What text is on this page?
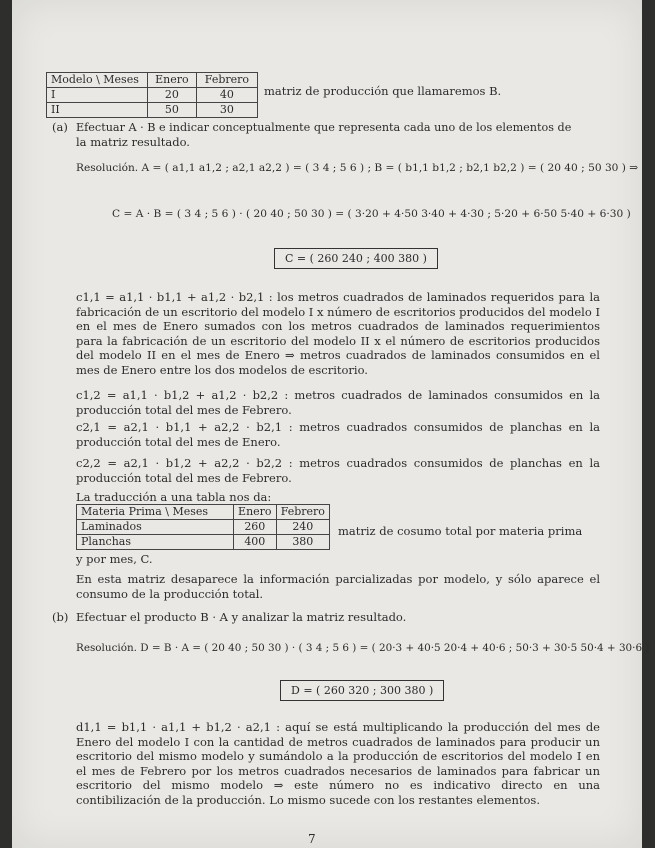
Modelo \ Meses	Enero	Febrero
I	20	40
II	50	30
matriz de producción que llamaremos B.
(a) Efectuar A · B e indicar conceptualmente que representa cada uno de los elementos de
la matriz resultado.
Resolución. A = ( a1,1 a1,2 ; a2,1 a2,2 ) = ( 3 4 ; 5 6 ) ; B = ( b1,1 b1,2 ; b2,1 b2,2 ) = ( 20 40 ; 50 30 ) ⇒
C = A · B = ( 3 4 ; 5 6 ) · ( 20 40 ; 50 30 ) = ( 3·20 + 4·50 3·40 + 4·30 ; 5·20 + 6·50 5·40 + 6·30 )
C = ( 260 240 ; 400 380 )
c1,1 = a1,1 · b1,1 + a1,2 · b2,1 : los metros cuadrados de laminados requeridos para la fabricación de un escritorio del modelo I x número de escritorios producidos del modelo I en el mes de Enero sumados con los metros cuadrados de laminados requerimientos para la fabricación de un escritorio del modelo II x el número de escritorios producidos del modelo II en el mes de Enero ⇒ metros cuadrados de laminados consumidos en el mes de Enero entre los dos modelos de escritorio.
c1,2 = a1,1 · b1,2 + a1,2 · b2,2 : metros cuadrados de laminados consumidos en la producción total del mes de Febrero.
c2,1 = a2,1 · b1,1 + a2,2 · b2,1 : metros cuadrados consumidos de planchas en la producción total del mes de Enero.
c2,2 = a2,1 · b1,2 + a2,2 · b2,2 : metros cuadrados consumidos de planchas en la producción total del mes de Febrero.
La traducción a una tabla nos da:
Materia Prima \ Meses	Enero	Febrero
Laminados	260	240
Planchas	400	380
matriz de cosumo total por materia prima
y por mes, C.
En esta matriz desaparece la información parcializadas por modelo, y sólo aparece el consumo de la producción total.
(b) Efectuar el producto B · A y analizar la matriz resultado.
Resolución. D = B · A = ( 20 40 ; 50 30 ) · ( 3 4 ; 5 6 ) = ( 20·3 + 40·5 20·4 + 40·6 ; 50·3 + 30·5 50·4 + 30·6 )
D = ( 260 320 ; 300 380 )
d1,1 = b1,1 · a1,1 + b1,2 · a2,1 : aquí se está multiplicando la producción del mes de Enero del modelo I con la cantidad de metros cuadrados de laminados para producir un escritorio del mismo modelo y sumándolo a la producción de escritorios del modelo I en el mes de Febrero por los metros cuadrados necesarios de laminados para fabricar un escritorio del mismo modelo ⇒ este número no es indicativo directo en una contibilización de la producción. Lo mismo sucede con los restantes elementos.
7
